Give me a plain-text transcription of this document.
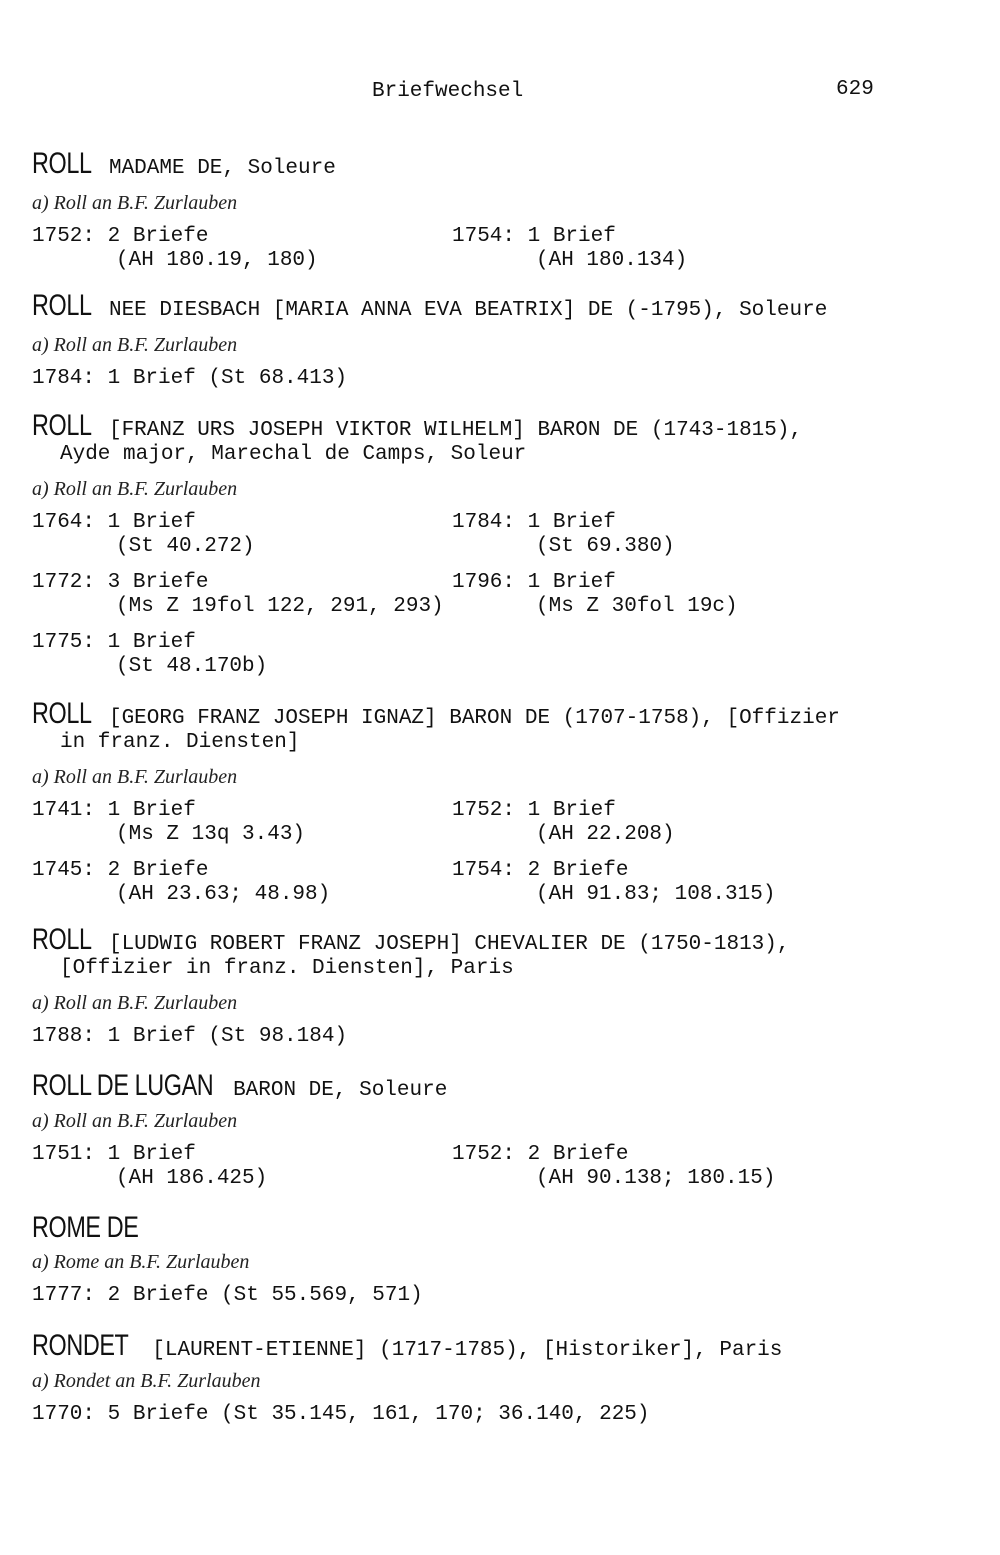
Briefwechsel	629
ROLL MADAME DE, Soleure
a) Roll an B.F. Zurlauben
1752: 2 Briefe
(AH 180.19, 180)
1754: 1 Brief
(AH 180.134)
ROLL NEE DIESBACH [MARIA ANNA EVA BEATRIX] DE (-1795), Soleure
a) Roll an B.F. Zurlauben
1784: 1 Brief (St 68.413)
ROLL [FRANZ URS JOSEPH VIKTOR WILHELM] BARON DE (1743-1815),
Ayde major, Marechal de Camps, Soleur
a) Roll an B.F. Zurlauben
1764: 1 Brief
(St 40.272)
1784: 1 Brief
(St 69.380)
1772: 3 Briefe
(Ms Z 19fol 122, 291, 293)
1796: 1 Brief
(Ms Z 30fol 19c)
1775: 1 Brief
(St 48.170b)
ROLL [GEORG FRANZ JOSEPH IGNAZ] BARON DE (1707-1758), [Offizier
in franz. Diensten]
a) Roll an B.F. Zurlauben
1741: 1 Brief
(Ms Z 13q 3.43)
1752: 1 Brief
(AH 22.208)
1745: 2 Briefe
(AH 23.63; 48.98)
1754: 2 Briefe
(AH 91.83; 108.315)
ROLL [LUDWIG ROBERT FRANZ JOSEPH] CHEVALIER DE (1750-1813),
[Offizier in franz. Diensten], Paris
a) Roll an B.F. Zurlauben
1788: 1 Brief (St 98.184)
ROLL DE LUGAN BARON DE, Soleure
a) Roll an B.F. Zurlauben
1751: 1 Brief
(AH 186.425)
1752: 2 Briefe
(AH 90.138; 180.15)
ROME DE
a) Rome an B.F. Zurlauben
1777: 2 Briefe (St 55.569, 571)
RONDET [LAURENT-ETIENNE] (1717-1785), [Historiker], Paris
a) Rondet an B.F. Zurlauben
1770: 5 Briefe (St 35.145, 161, 170; 36.140, 225)
